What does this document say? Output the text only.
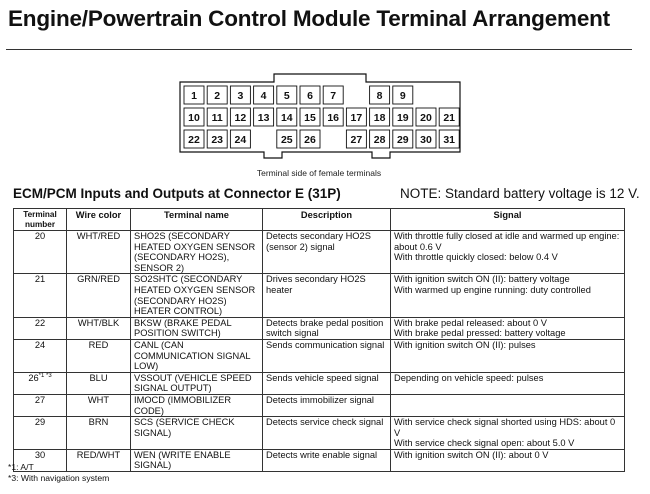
Engine/Powertrain Control Module Terminal Arrangement
1 2 3 4 5 6 7	8 9
10 11 12 13 14 15 16 17 18 19 20 21
22 23 24	25 26	27 28 29 30 31
Terminal side of female terminals
ECM/PCM Inputs and Outputs at Connector E (31P)	NOTE: Standard battery voltage is 12 V.
Terminal
number	Wire color	Terminal name	Description	Signal
20	WHT/RED	SHO2S (SECONDARY HEATED OXYGEN SENSOR (SECONDARY HO2S), SENSOR 2)	Detects secondary HO2S (sensor 2) signal	With throttle fully closed at idle and warmed up engine: about 0.6 V
With throttle quickly closed: below 0.4 V
21	GRN/RED	SO2SHTC (SECONDARY HEATED OXYGEN SENSOR (SECONDARY HO2S) HEATER CONTROL)	Drives secondary HO2S heater	With ignition switch ON (II): battery voltage
With warmed up engine running: duty controlled
22	WHT/BLK	BKSW (BRAKE PEDAL POSITION SWITCH)	Detects brake pedal position switch signal	With brake pedal released: about 0 V
With brake pedal pressed: battery voltage
24	RED	CANL (CAN COMMUNICATION SIGNAL LOW)	Sends communication signal	With ignition switch ON (II): pulses
$26^{*1 *3}$	BLU	VSSOUT (VEHICLE SPEED SIGNAL OUTPUT)	Sends vehicle speed signal	Depending on vehicle speed: pulses
27	WHT	IMOCD (IMMOBILIZER CODE)	Detects immobilizer signal	
29	BRN	SCS (SERVICE CHECK SIGNAL)	Detects service check signal	With service check signal shorted using HDS: about 0 V
With service check signal open: about 5.0 V
30	RED/WHT	WEN (WRITE ENABLE SIGNAL)	Detects write enable signal	With ignition switch ON (II): about 0 V
*1: A/T
*3: With navigation system
